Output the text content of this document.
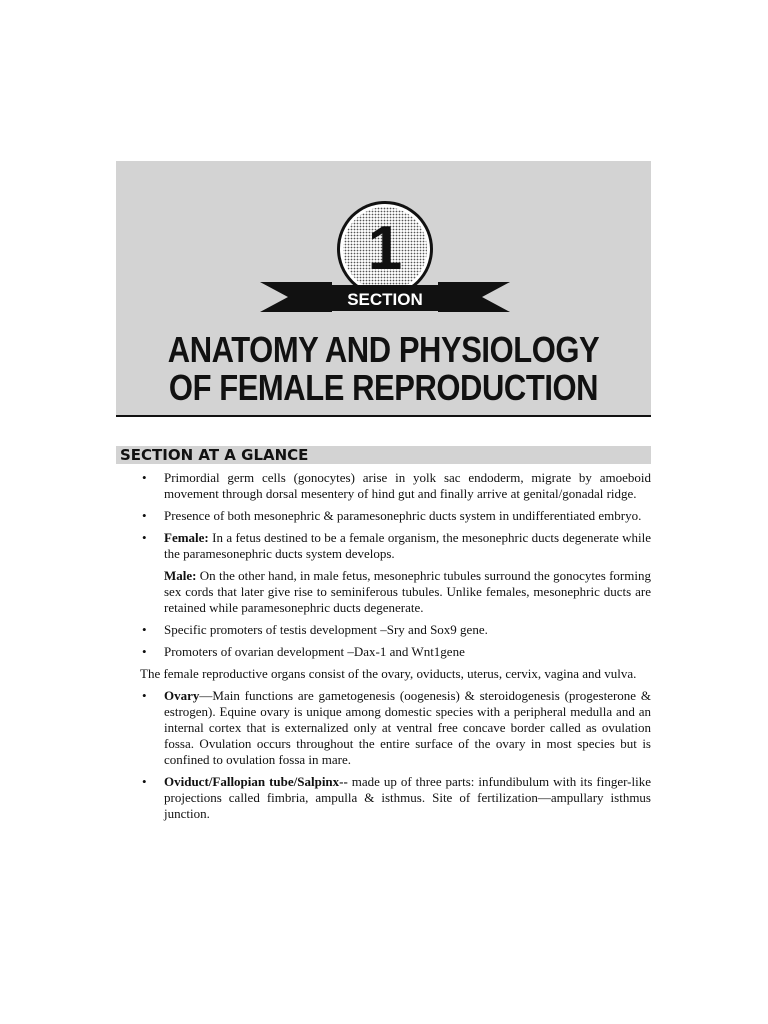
1
SECTION
ANATOMY AND PHYSIOLOGY
OF FEMALE REPRODUCTION
SECTION AT A GLANCE
• Primordial germ cells (gonocytes) arise in yolk sac endoderm, migrate by amoeboid movement through dorsal mesentery of hind gut and finally arrive at genital/gonadal ridge.
• Presence of both mesonephric & paramesonephric ducts system in undifferentiated embryo.
• Female: In a fetus destined to be a female organism, the mesonephric ducts degenerate while the paramesonephric ducts system develops.
Male: On the other hand, in male fetus, mesonephric tubules surround the gonocytes forming sex cords that later give rise to seminiferous tubules. Unlike females, mesonephric ducts are retained while paramesonephric ducts degenerate.
• Specific promoters of testis development –Sry and Sox9 gene.
• Promoters of ovarian development –Dax-1 and Wnt1gene
The female reproductive organs consist of the ovary, oviducts, uterus, cervix, vagina and vulva.
• Ovary—Main functions are gametogenesis (oogenesis) & steroidogenesis (progesterone & estrogen). Equine ovary is unique among domestic species with a peripheral medulla and an internal cortex that is externalized only at ventral free concave border called as ovulation fossa. Ovulation occurs throughout the entire surface of the ovary in most species but is confined to ovulation fossa in mare.
• Oviduct/Fallopian tube/Salpinx-- made up of three parts: infundibulum with its finger-like projections called fimbria, ampulla & isthmus. Site of fertilization—ampullary isthmus junction.
